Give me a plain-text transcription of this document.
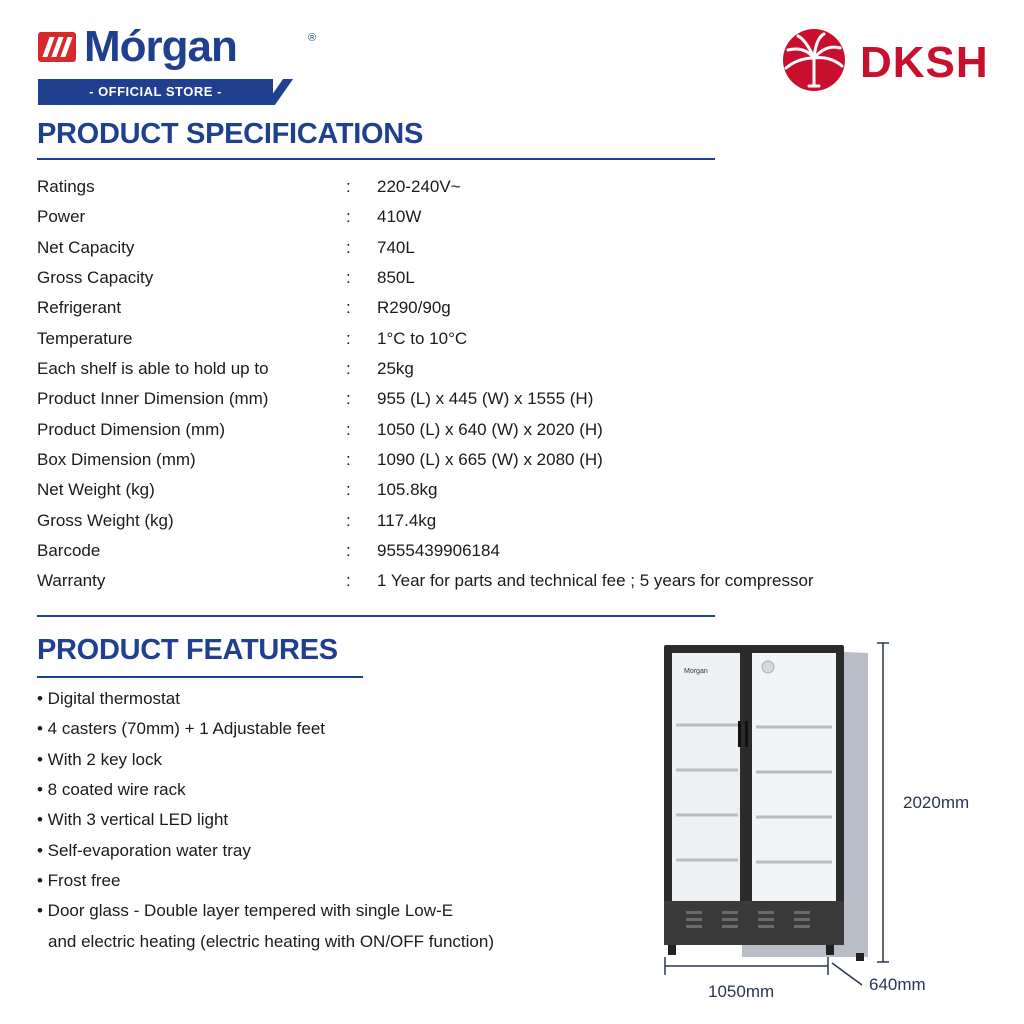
Mórgan	®
- OFFICIAL STORE -
DKSH
PRODUCT SPECIFICATIONS
Ratings	: 220-240V~
Power	: 410W
Net Capacity	: 740L
Gross Capacity	: 850L
Refrigerant	: R290/90g
Temperature	: 1°C to 10°C
Each shelf is able to hold up to	: 25kg
Product Inner Dimension (mm)	: 955 (L) x 445 (W) x 1555 (H)
Product Dimension (mm)	: 1050 (L) x 640 (W) x 2020 (H)
Box Dimension (mm)	: 1090 (L) x 665 (W) x 2080 (H)
Net Weight (kg)	: 105.8kg
Gross Weight (kg)	: 117.4kg
Barcode	: 9555439906184
Warranty	: 1 Year for parts and technical fee ; 5 years for compressor
PRODUCT FEATURES
• Digital thermostat
• 4 casters (70mm) + 1 Adjustable feet
• With 2 key lock
• 8 coated wire rack
• With 3 vertical LED light
• Self-evaporation water tray
• Frost free
• Door glass - Double layer tempered with single Low-E
and electric heating (electric heating with ON/OFF function)
Morgan
2020mm
1050mm	640mm
